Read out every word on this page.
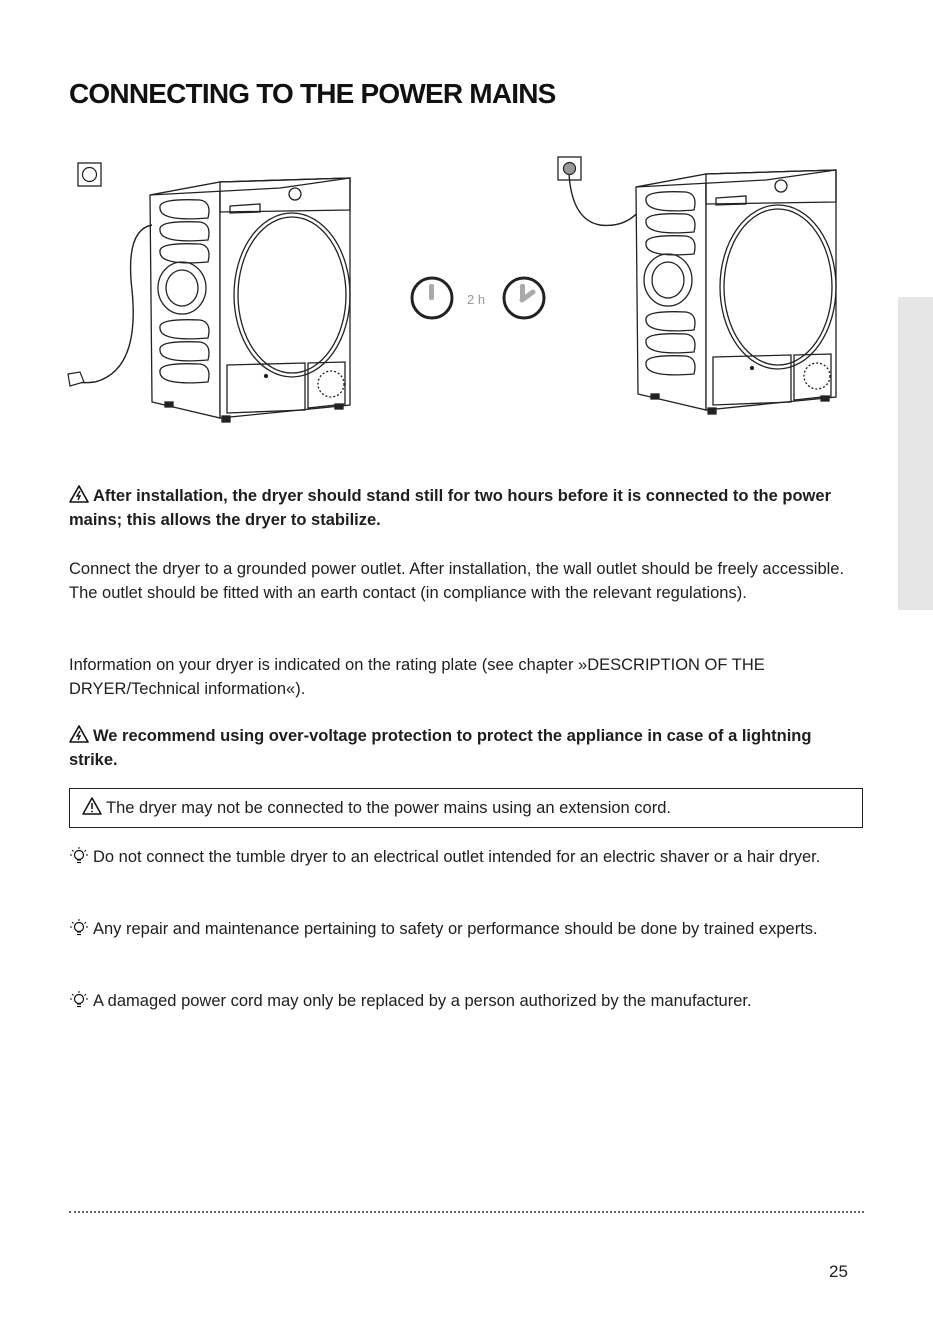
CONNECTING TO THE POWER MAINS
2 h
After installation, the dryer should stand still for two hours before it is connected to the power mains; this allows the dryer to stabilize.
Connect the dryer to a grounded power outlet. After installation, the wall outlet should be freely accessible. The outlet should be fitted with an earth contact (in compliance with the relevant regulations).
Information on your dryer is indicated on the rating plate (see chapter »DESCRIPTION OF THE DRYER/Technical information«).
We recommend using over-voltage protection to protect the appliance in case of a lightning strike.
The dryer may not be connected to the power mains using an extension cord.
Do not connect the tumble dryer to an electrical outlet intended for an electric shaver or a hair dryer.
Any repair and maintenance pertaining to safety or performance should be done by trained experts.
A damaged power cord may only be replaced by a person authorized by the manufacturer.
25
